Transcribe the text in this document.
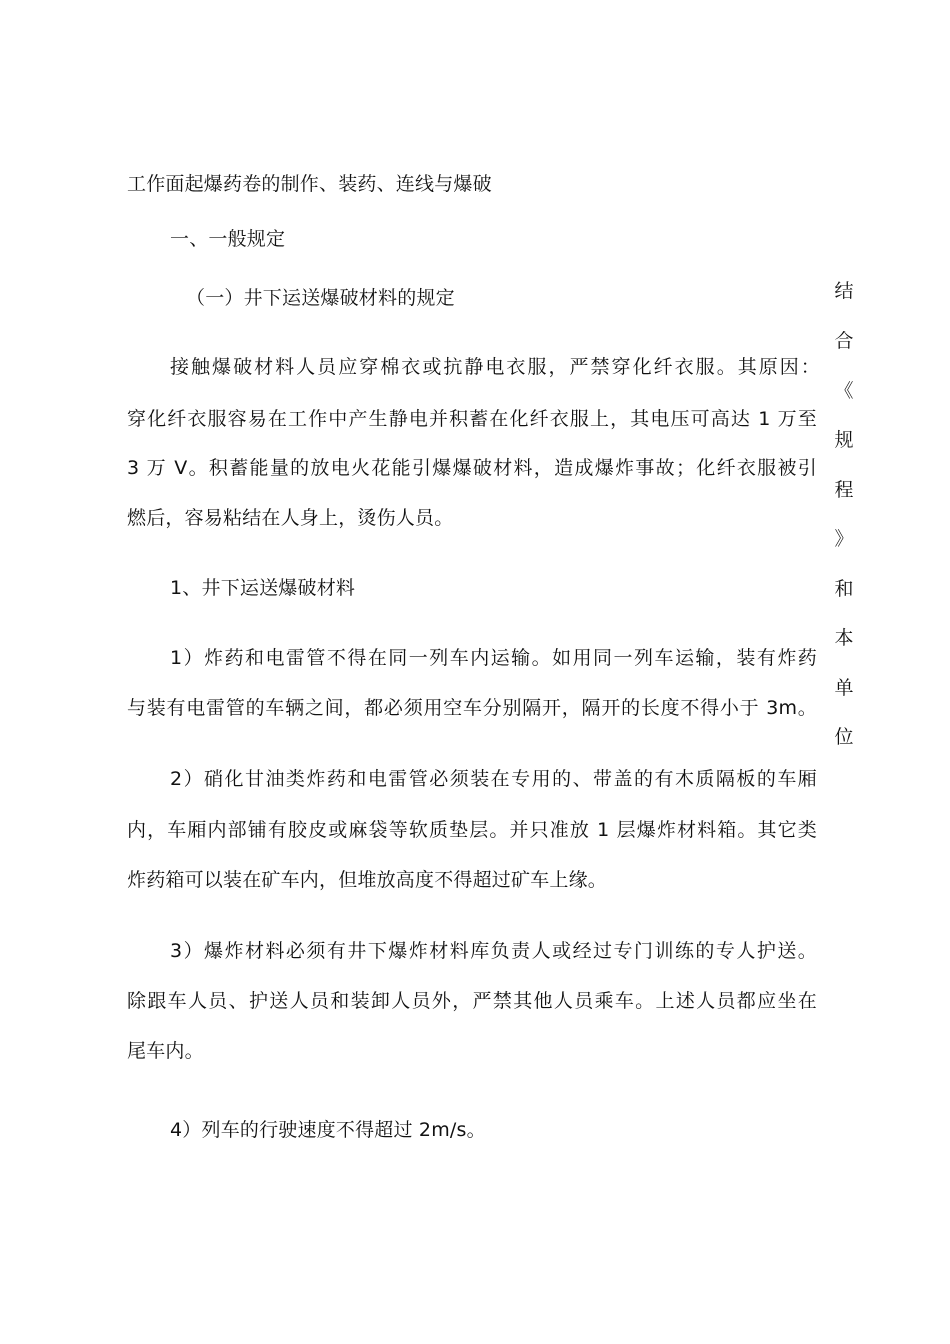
工作面起爆药卷的制作、装药、连线与爆破
一、一般规定
（一）井下运送爆破材料的规定
接触爆破材料人员应穿棉衣或抗静电衣服，严禁穿化纤衣服。其原因：
穿化纤衣服容易在工作中产生静电并积蓄在化纤衣服上，其电压可高达 1 万至
3 万 V。积蓄能量的放电火花能引爆爆破材料，造成爆炸事故；化纤衣服被引
燃后，容易粘结在人身上，烫伤人员。
1、井下运送爆破材料
1）炸药和电雷管不得在同一列车内运输。如用同一列车运输，装有炸药
与装有电雷管的车辆之间，都必须用空车分别隔开，隔开的长度不得小于 3m。
2）硝化甘油类炸药和电雷管必须装在专用的、带盖的有木质隔板的车厢
内，车厢内部铺有胶皮或麻袋等软质垫层。并只准放 1 层爆炸材料箱。其它类
炸药箱可以装在矿车内，但堆放高度不得超过矿车上缘。
3）爆炸材料必须有井下爆炸材料库负责人或经过专门训练的专人护送。
除跟车人员、护送人员和装卸人员外，严禁其他人员乘车。上述人员都应坐在
尾车内。
4）列车的行驶速度不得超过 2m/s。
结
合
《
规
程
》
和
本
单
位
